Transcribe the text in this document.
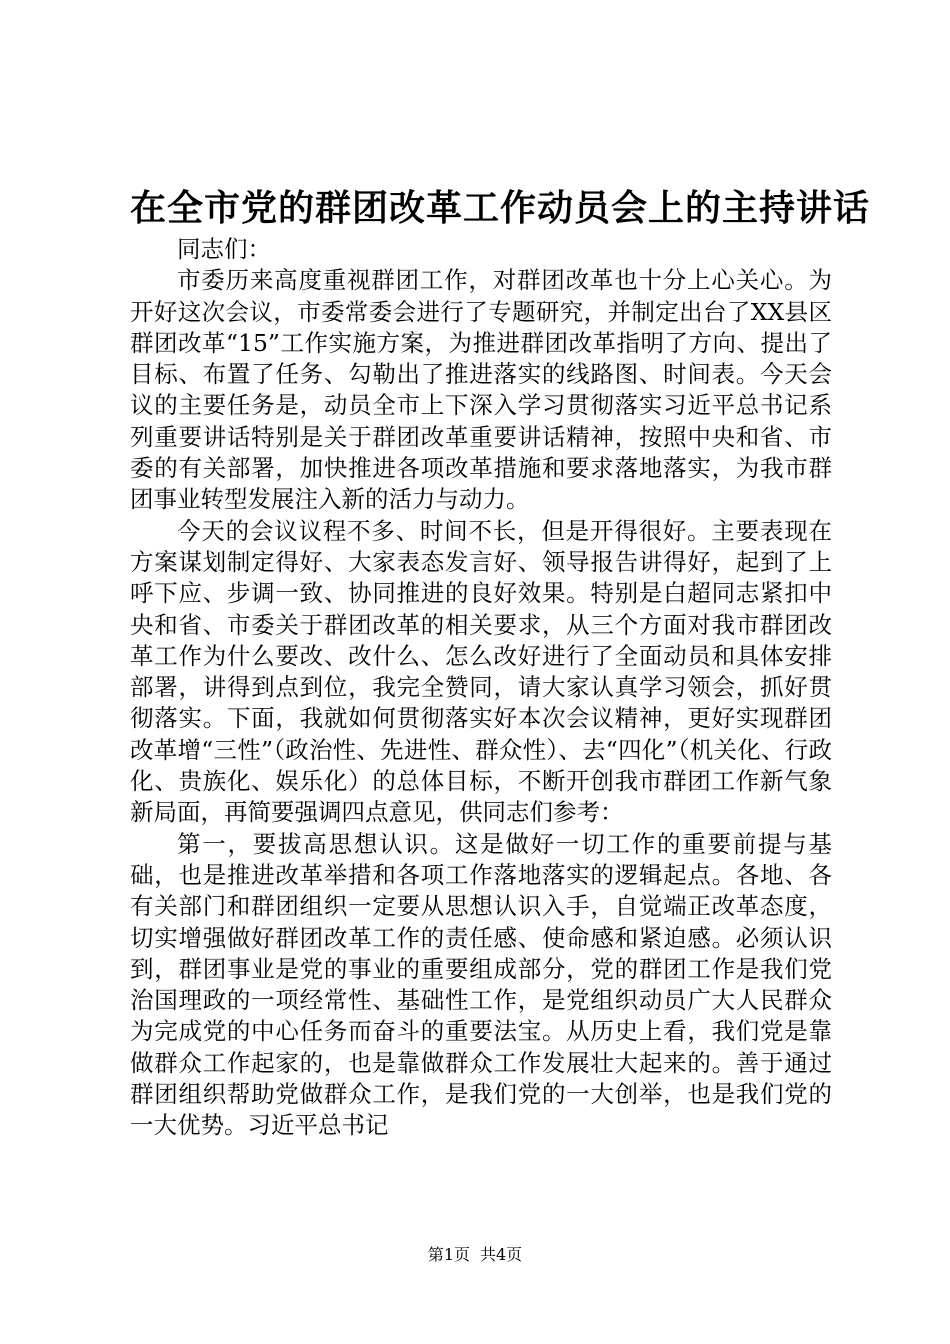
在全市党的群团改革工作动员会上的主持讲话

同志们：

市委历来高度重视群团工作，对群团改革也十分上心关心。为开好这次会议，市委常委会进行了专题研究，并制定出台了XX县区群团改革“15”工作实施方案，为推进群团改革指明了方向、提出了目标、布置了任务、勾勒出了推进落实的线路图、时间表。今天会议的主要任务是，动员全市上下深入学习贯彻落实习近平总书记系列重要讲话特别是关于群团改革重要讲话精神，按照中央和省、市委的有关部署，加快推进各项改革措施和要求落地落实，为我市群团事业转型发展注入新的活力与动力。

今天的会议议程不多、时间不长，但是开得很好。主要表现在方案谋划制定得好、大家表态发言好、领导报告讲得好，起到了上呼下应、步调一致、协同推进的良好效果。特别是白超同志紧扣中央和省、市委关于群团改革的相关要求，从三个方面对我市群团改革工作为什么要改、改什么、怎么改好进行了全面动员和具体安排部署，讲得到点到位，我完全赞同，请大家认真学习领会，抓好贯彻落实。下面，我就如何贯彻落实好本次会议精神，更好实现群团改革增“三性”（政治性、先进性、群众性）、去“四化”（机关化、行政化、贵族化、娱乐化）的总体目标，不断开创我市群团工作新气象新局面，再简要强调四点意见，供同志们参考：

第一，要拔高思想认识。这是做好一切工作的重要前提与基础，也是推进改革举措和各项工作落地落实的逻辑起点。各地、各有关部门和群团组织一定要从思想认识入手，自觉端正改革态度，切实增强做好群团改革工作的责任感、使命感和紧迫感。必须认识到，群团事业是党的事业的重要组成部分，党的群团工作是我们党治国理政的一项经常性、基础性工作，是党组织动员广大人民群众为完成党的中心任务而奋斗的重要法宝。从历史上看，我们党是靠做群众工作起家的，也是靠做群众工作发展壮大起来的。善于通过群团组织帮助党做群众工作，是我们党的一大创举，也是我们党的一大优势。习近平总书记

第1页 共4页
